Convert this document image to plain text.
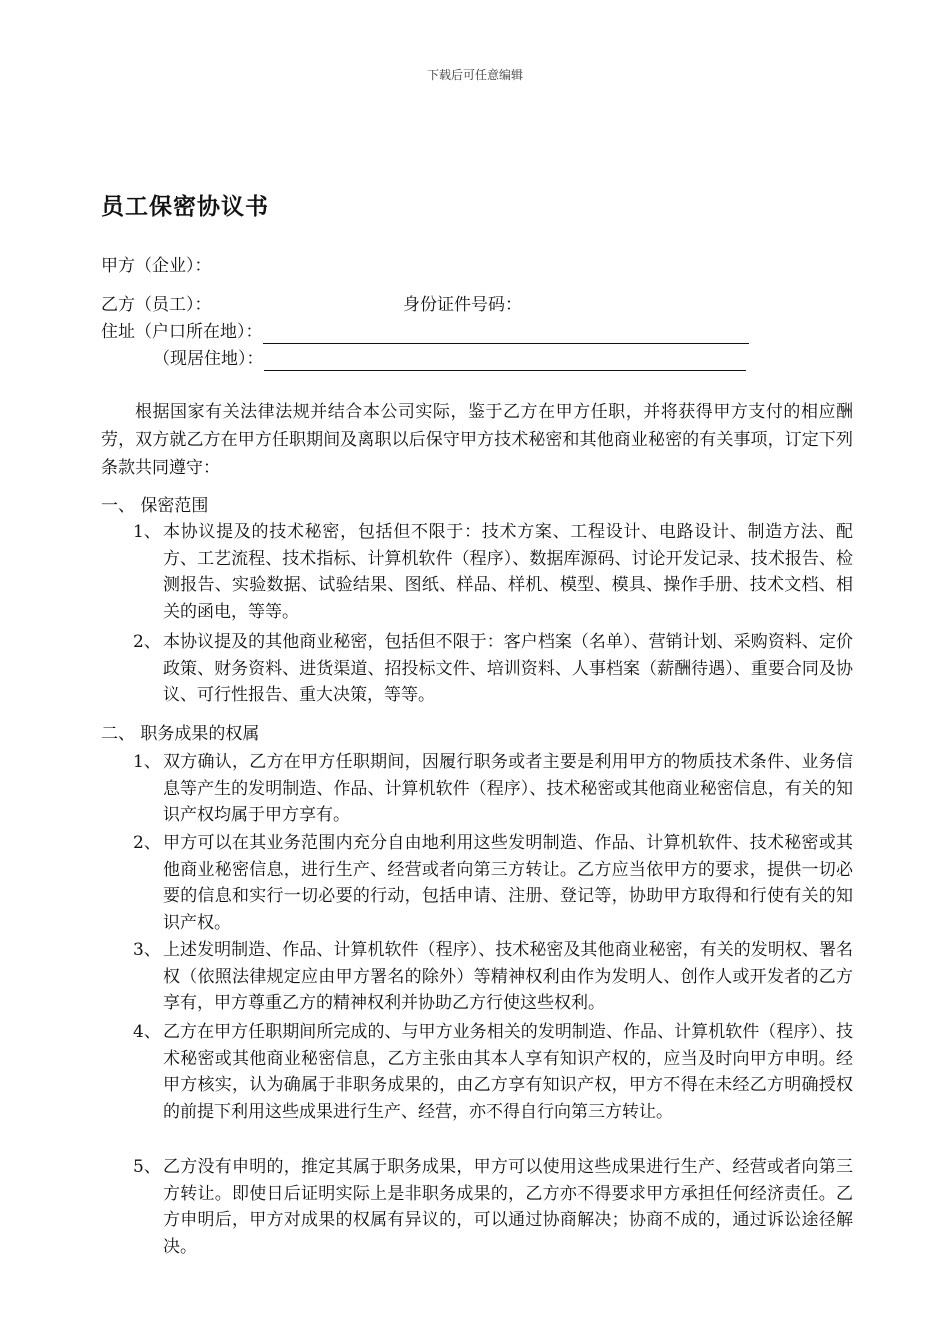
下载后可任意编辑
员工保密协议书
甲方（企业）：
乙方（员工）：	身份证件号码：
住址（户口所在地）：
（现居住地）：
根据国家有关法律法规并结合本公司实际，鉴于乙方在甲方任职，并将获得甲方支付的相应酬劳，双方就乙方在甲方任职期间及离职以后保守甲方技术秘密和其他商业秘密的有关事项，订定下列条款共同遵守：
一、 保密范围
1、 本协议提及的技术秘密，包括但不限于：技术方案、工程设计、电路设计、制造方法、配方、工艺流程、技术指标、计算机软件（程序）、数据库源码、讨论开发记录、技术报告、检测报告、实验数据、试验结果、图纸、样品、样机、模型、模具、操作手册、技术文档、相关的函电，等等。
2、 本协议提及的其他商业秘密，包括但不限于：客户档案（名单）、营销计划、采购资料、定价政策、财务资料、进货渠道、招投标文件、培训资料、人事档案（薪酬待遇）、重要合同及协议、可行性报告、重大决策，等等。
二、 职务成果的权属
1、 双方确认，乙方在甲方任职期间，因履行职务或者主要是利用甲方的物质技术条件、业务信息等产生的发明制造、作品、计算机软件（程序）、技术秘密或其他商业秘密信息，有关的知识产权均属于甲方享有。
2、 甲方可以在其业务范围内充分自由地利用这些发明制造、作品、计算机软件、技术秘密或其他商业秘密信息，进行生产、经营或者向第三方转让。乙方应当依甲方的要求，提供一切必要的信息和实行一切必要的行动，包括申请、注册、登记等，协助甲方取得和行使有关的知识产权。
3、 上述发明制造、作品、计算机软件（程序）、技术秘密及其他商业秘密，有关的发明权、署名权（依照法律规定应由甲方署名的除外）等精神权利由作为发明人、创作人或开发者的乙方享有，甲方尊重乙方的精神权利并协助乙方行使这些权利。
4、 乙方在甲方任职期间所完成的、与甲方业务相关的发明制造、作品、计算机软件（程序）、技术秘密或其他商业秘密信息，乙方主张由其本人享有知识产权的，应当及时向甲方申明。经甲方核实，认为确属于非职务成果的，由乙方享有知识产权，甲方不得在未经乙方明确授权的前提下利用这些成果进行生产、经营，亦不得自行向第三方转让。
5、 乙方没有申明的，推定其属于职务成果，甲方可以使用这些成果进行生产、经营或者向第三方转让。即使日后证明实际上是非职务成果的，乙方亦不得要求甲方承担任何经济责任。乙方申明后，甲方对成果的权属有异议的，可以通过协商解决；协商不成的，通过诉讼途径解决。
